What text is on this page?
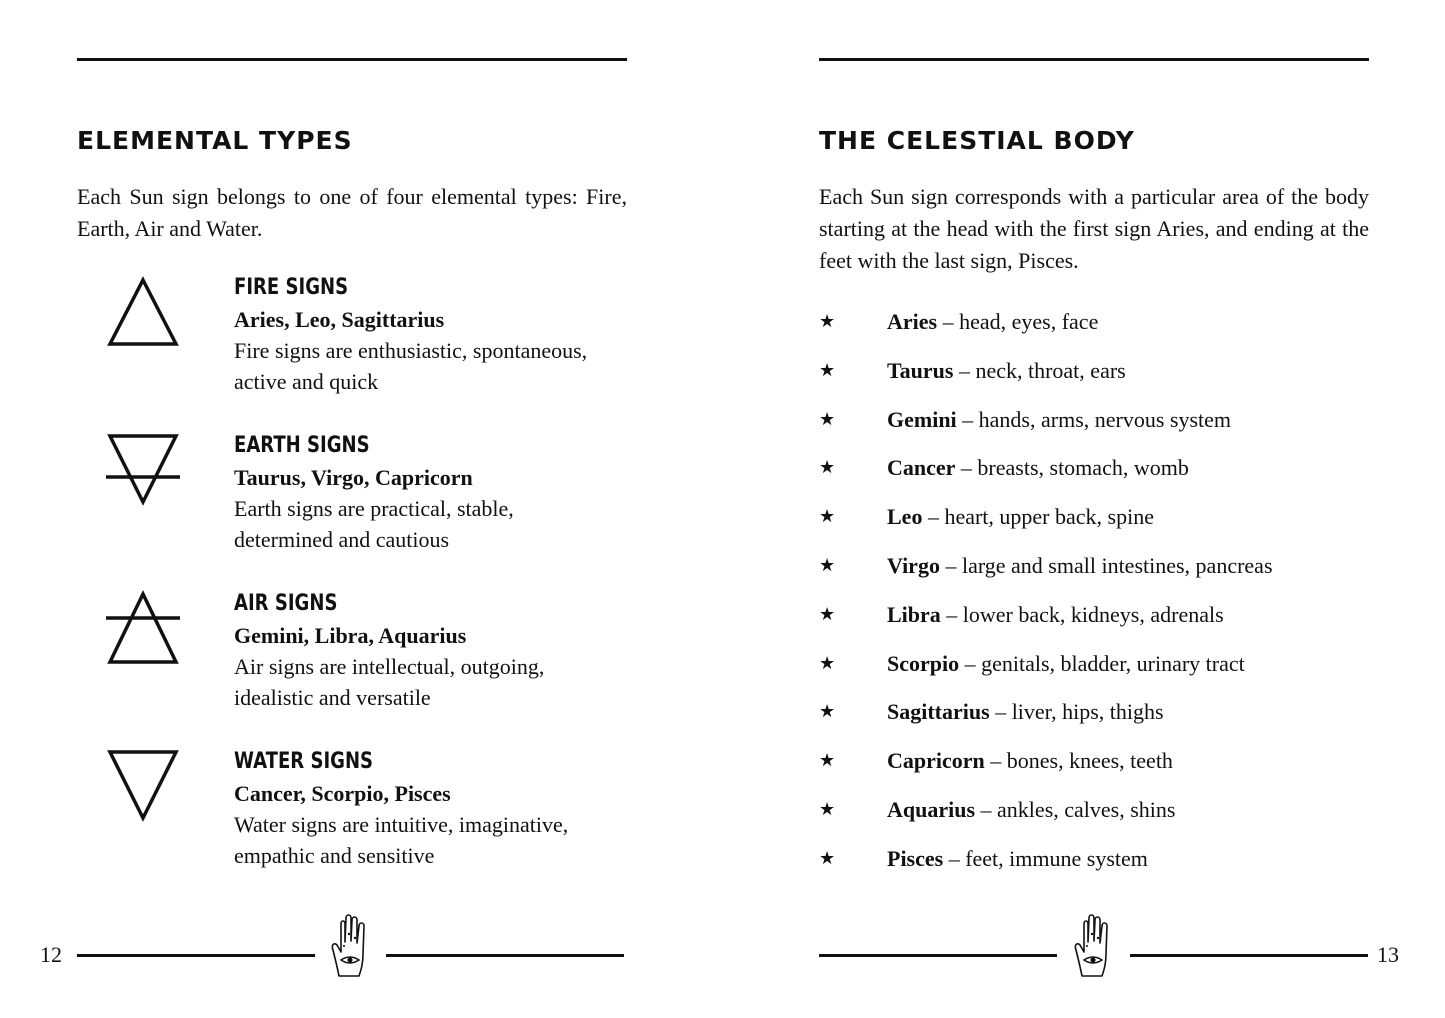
ELEMENTAL TYPES

Each Sun sign belongs to one of four elemental types: Fire, Earth, Air and Water.

FIRE SIGNS
Aries, Leo, Sagittarius
Fire signs are enthusiastic, spontaneous,
active and quick
EARTH SIGNS
Taurus, Virgo, Capricorn
Earth signs are practical, stable,
determined and cautious
AIR SIGNS
Gemini, Libra, Aquarius
Air signs are intellectual, outgoing,
idealistic and versatile
WATER SIGNS
Cancer, Scorpio, Pisces
Water signs are intuitive, imaginative,
empathic and sensitive
12
THE CELESTIAL BODY

Each Sun sign corresponds with a particular area of the body starting at the head with the first sign Aries, and ending at the feet with the last sign, Pisces.

★ Aries – head, eyes, face
★ Taurus – neck, throat, ears
★ Gemini – hands, arms, nervous system
★ Cancer – breasts, stomach, womb
★ Leo – heart, upper back, spine
★ Virgo – large and small intestines, pancreas
★ Libra – lower back, kidneys, adrenals
★ Scorpio – genitals, bladder, urinary tract
★ Sagittarius – liver, hips, thighs
★ Capricorn – bones, knees, teeth
★ Aquarius – ankles, calves, shins
★ Pisces – feet, immune system
13
